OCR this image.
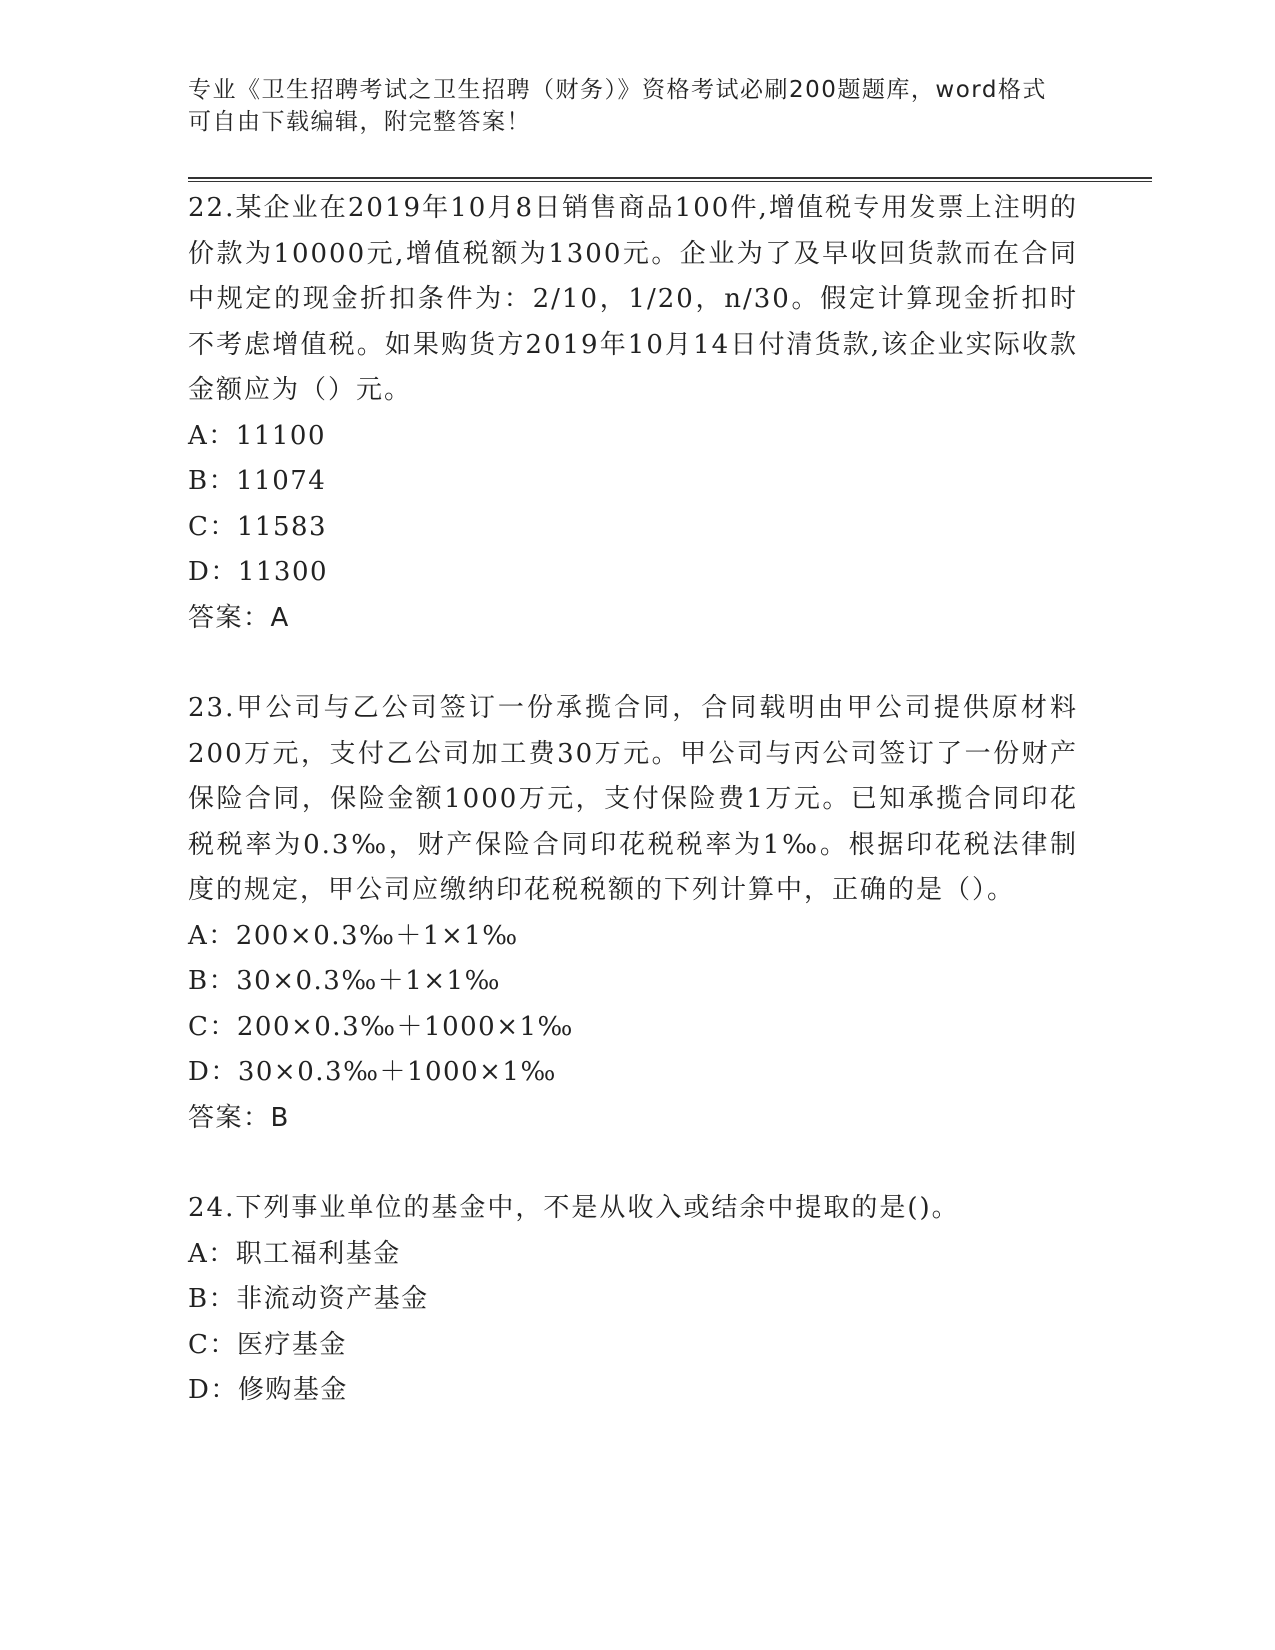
专业《卫生招聘考试之卫生招聘（财务）》资格考试必刷200题题库，word格式可自由下载编辑，附完整答案！
22.某企业在2019年10月8日销售商品100件,增值税专用发票上注明的价款为10000元,增值税额为1300元。企业为了及早收回货款而在合同中规定的现金折扣条件为：2/10，1/20，n/30。假定计算现金折扣时不考虑增值税。如果购货方2019年10月14日付清货款,该企业实际收款金额应为（）元。
A：11100
B：11074
C：11583
D：11300
答案：A
23.甲公司与乙公司签订一份承揽合同，合同载明由甲公司提供原材料200万元，支付乙公司加工费30万元。甲公司与丙公司签订了一份财产保险合同，保险金额1000万元，支付保险费1万元。已知承揽合同印花税税率为0.3‰，财产保险合同印花税税率为1‰。根据印花税法律制度的规定，甲公司应缴纳印花税税额的下列计算中，正确的是（）。
A：200×0.3‰＋1×1‰
B：30×0.3‰＋1×1‰
C：200×0.3‰＋1000×1‰
D：30×0.3‰＋1000×1‰
答案：B
24.下列事业单位的基金中，不是从收入或结余中提取的是()。
A：职工福利基金
B：非流动资产基金
C：医疗基金
D：修购基金
